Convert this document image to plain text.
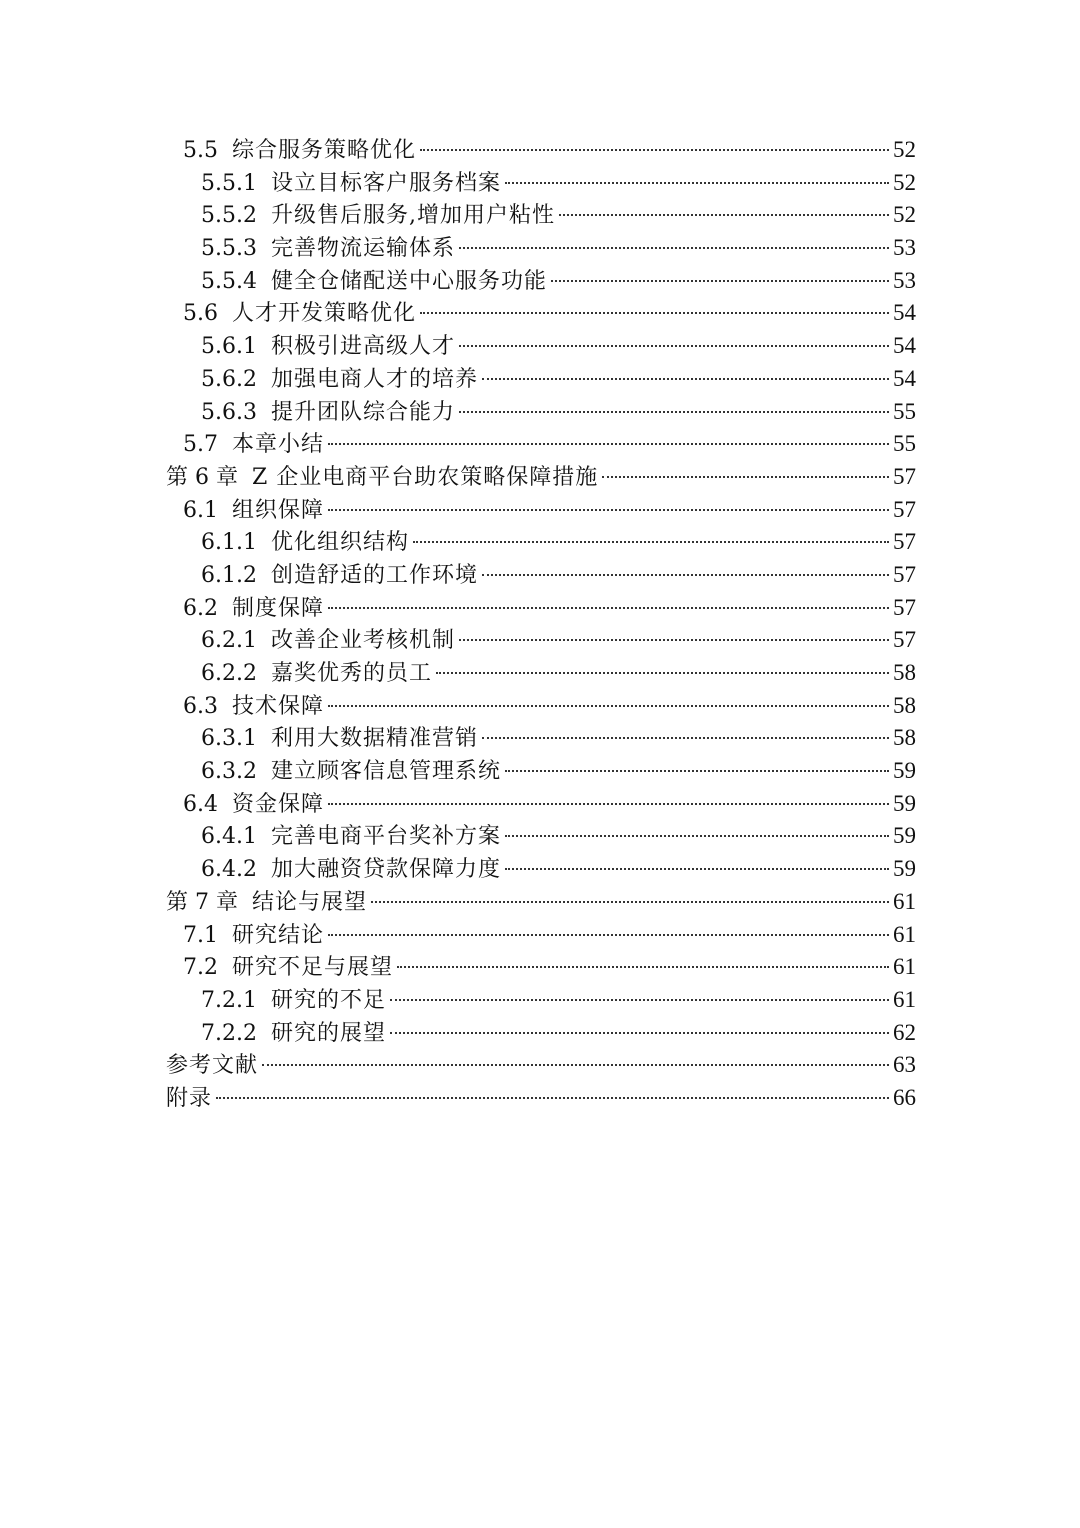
5.5 综合服务策略优化	52
5.5.1 设立目标客户服务档案	52
5.5.2 升级售后服务,增加用户粘性	52
5.5.3 完善物流运输体系	53
5.5.4 健全仓储配送中心服务功能	53
5.6 人才开发策略优化	54
5.6.1 积极引进高级人才	54
5.6.2 加强电商人才的培养	54
5.6.3 提升团队综合能力	55
5.7 本章小结	55
第 6 章 Z 企业电商平台助农策略保障措施	57
6.1 组织保障	57
6.1.1 优化组织结构	57
6.1.2 创造舒适的工作环境	57
6.2 制度保障	57
6.2.1 改善企业考核机制	57
6.2.2 嘉奖优秀的员工	58
6.3 技术保障	58
6.3.1 利用大数据精准营销	58
6.3.2 建立顾客信息管理系统	59
6.4 资金保障	59
6.4.1 完善电商平台奖补方案	59
6.4.2 加大融资贷款保障力度	59
第 7 章 结论与展望	61
7.1 研究结论	61
7.2 研究不足与展望	61
7.2.1 研究的不足	61
7.2.2 研究的展望	62
参考文献	63
附录	66
